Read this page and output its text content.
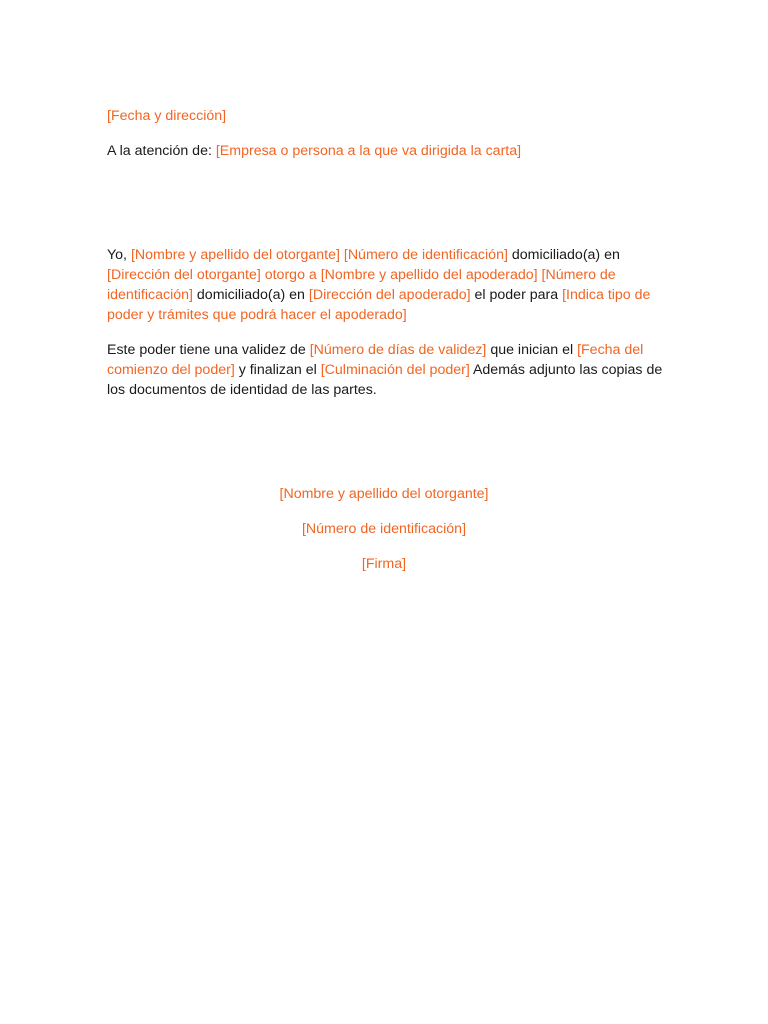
[Fecha y dirección]
A la atención de: [Empresa o persona a la que va dirigida la carta]

Yo, [Nombre y apellido del otorgante] [Número de identificación] domiciliado(a) en [Dirección del otorgante] otorgo a [Nombre y apellido del apoderado] [Número de identificación] domiciliado(a) en [Dirección del apoderado] el poder para [Indica tipo de poder y trámites que podrá hacer el apoderado]

Este poder tiene una validez de [Número de días de validez] que inician el [Fecha del comienzo del poder] y finalizan el [Culminación del poder] Además adjunto las copias de los documentos de identidad de las partes.

[Nombre y apellido del otorgante]
[Número de identificación]
[Firma]
